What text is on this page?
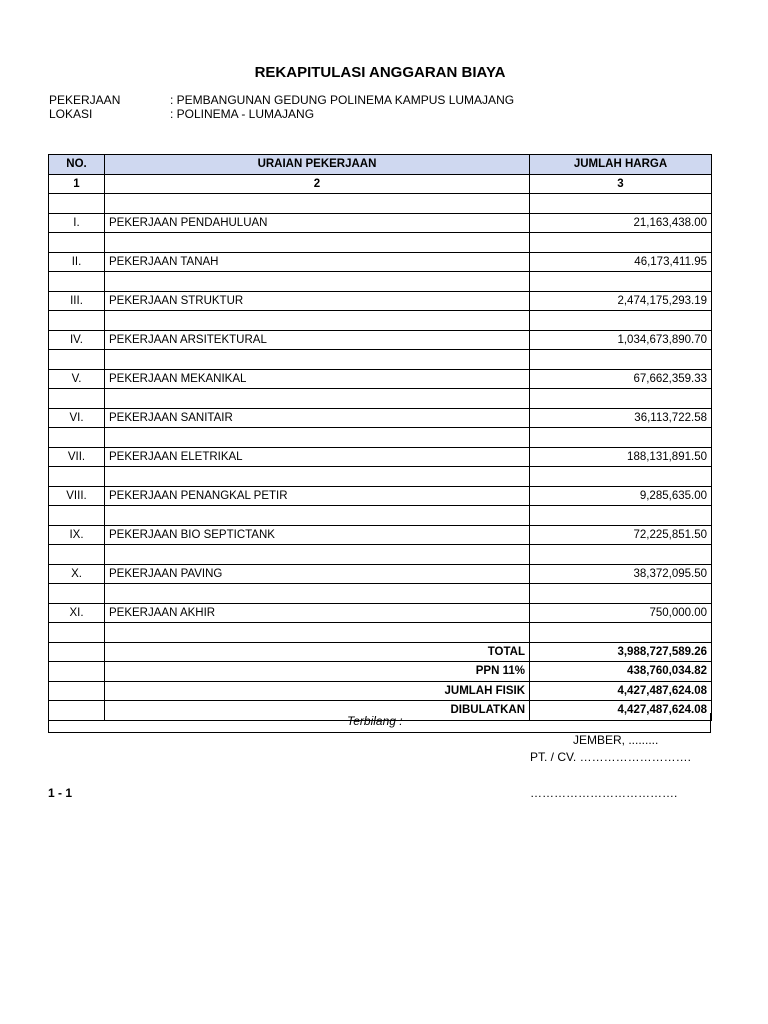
REKAPITULASI ANGGARAN BIAYA
PEKERJAAN	: PEMBANGUNAN GEDUNG POLINEMA KAMPUS LUMAJANG
LOKASI	: POLINEMA - LUMAJANG
NO.	URAIAN PEKERJAAN	JUMLAH HARGA
1	2	3

I.	PEKERJAAN PENDAHULUAN	21,163,438.00

II.	PEKERJAAN TANAH	46,173,411.95

III.	PEKERJAAN STRUKTUR	2,474,175,293.19

IV.	PEKERJAAN ARSITEKTURAL	1,034,673,890.70

V.	PEKERJAAN MEKANIKAL	67,662,359.33

VI.	PEKERJAAN SANITAIR	36,113,722.58

VII.	PEKERJAAN ELETRIKAL	188,131,891.50

VIII.	PEKERJAAN PENANGKAL PETIR	9,285,635.00

IX.	PEKERJAAN BIO SEPTICTANK	72,225,851.50

X.	PEKERJAAN PAVING	38,372,095.50

XI.	PEKERJAAN AKHIR	750,000.00

	TOTAL	3,988,727,589.26
	PPN 11%	438,760,034.82
	JUMLAH FISIK	4,427,487,624.08
	DIBULATKAN	4,427,487,624.08
Terbilang :
JEMBER, .........
PT. / CV. ……………………….
……………………………….
1 - 1
